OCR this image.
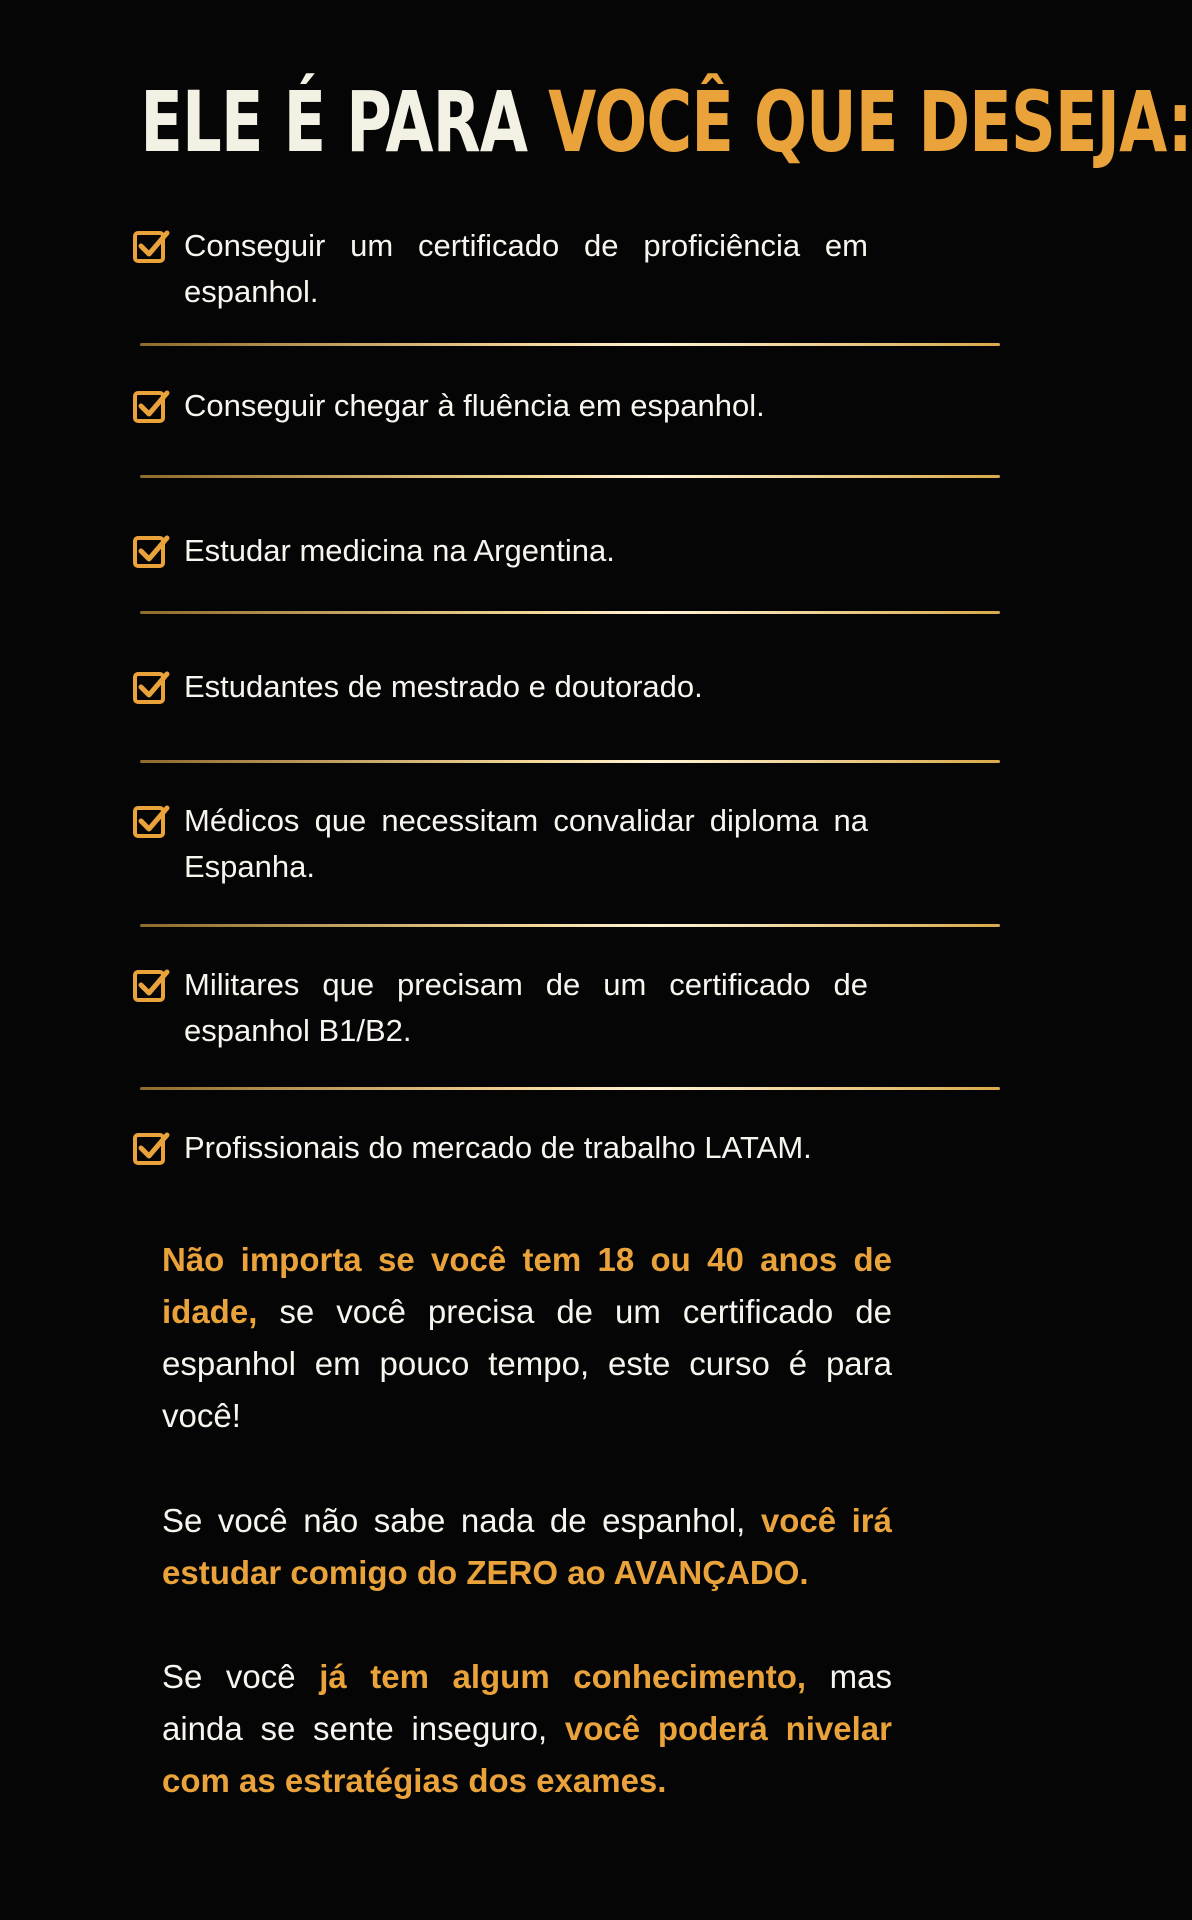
ELE É PARA VOCÊ QUE DESEJA:
Conseguir um certificado de proficiência em espanhol.
Conseguir chegar à fluência em espanhol.
Estudar medicina na Argentina.
Estudantes de mestrado e doutorado.
Médicos que necessitam convalidar diploma na Espanha.
Militares que precisam de um certificado de espanhol B1/B2.
Profissionais do mercado de trabalho LATAM.
Não importa se você tem 18 ou 40 anos de idade, se você precisa de um certificado de espanhol em pouco tempo, este curso é para você!
Se você não sabe nada de espanhol, você irá estudar comigo do ZERO ao AVANÇADO.
Se você já tem algum conhecimento, mas ainda se sente inseguro, você poderá nivelar com as estratégias dos exames.
